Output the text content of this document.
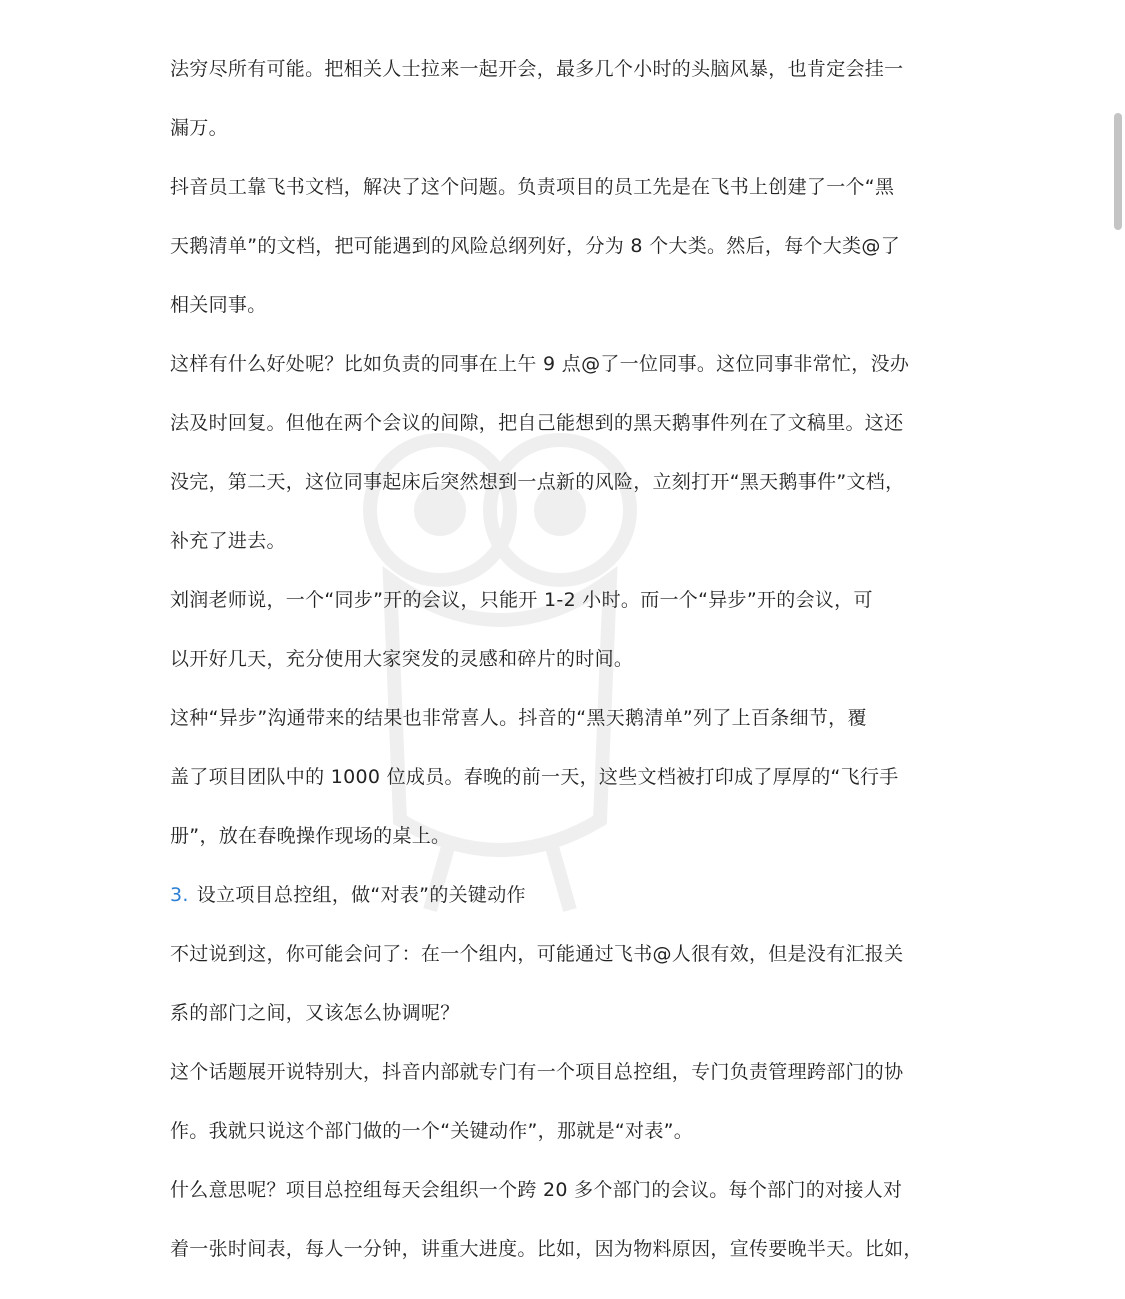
法穷尽所有可能。把相关人士拉来一起开会，最多几个小时的头脑风暴，也肯定会挂一

漏万。

抖音员工靠飞书文档，解决了这个问题。负责项目的员工先是在飞书上创建了一个“黑

天鹅清单”的文档，把可能遇到的风险总纲列好，分为 8 个大类。然后，每个大类@了

相关同事。

这样有什么好处呢？比如负责的同事在上午 9 点@了一位同事。这位同事非常忙，没办

法及时回复。但他在两个会议的间隙，把自己能想到的黑天鹅事件列在了文稿里。这还

没完，第二天，这位同事起床后突然想到一点新的风险，立刻打开“黑天鹅事件”文档，

补充了进去。

刘润老师说，一个“同步”开的会议，只能开 1-2 小时。而一个“异步”开的会议，可

以开好几天，充分使用大家突发的灵感和碎片的时间。

这种“异步”沟通带来的结果也非常喜人。抖音的“黑天鹅清单”列了上百条细节，覆

盖了项目团队中的 1000 位成员。春晚的前一天，这些文档被打印成了厚厚的“飞行手

册”，放在春晚操作现场的桌上。

3. 设立项目总控组，做“对表”的关键动作

不过说到这，你可能会问了：在一个组内，可能通过飞书@人很有效，但是没有汇报关

系的部门之间，又该怎么协调呢？

这个话题展开说特别大，抖音内部就专门有一个项目总控组，专门负责管理跨部门的协

作。我就只说这个部门做的一个“关键动作”，那就是“对表”。

什么意思呢？项目总控组每天会组织一个跨 20 多个部门的会议。每个部门的对接人对

着一张时间表，每人一分钟，讲重大进度。比如，因为物料原因，宣传要晚半天。比如，
